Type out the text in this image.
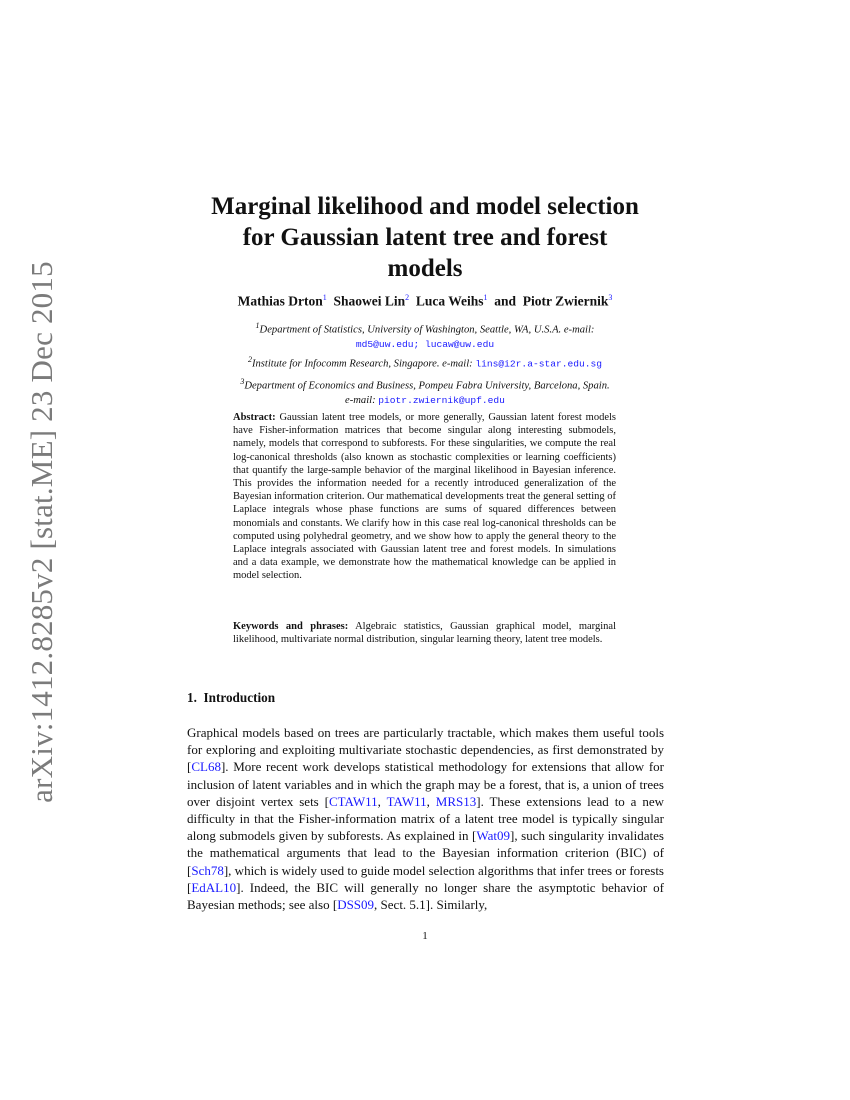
arXiv:1412.8285v2 [stat.ME] 23 Dec 2015
Marginal likelihood and model selection
for Gaussian latent tree and forest
models
Mathias Drton$^1$ Shaowei Lin$^2$ Luca Weihs$^1$ and Piotr Zwiernik$^3$
$^1$Department of Statistics, University of Washington, Seattle, WA, U.S.A. e-mail:
md5@uw.edu; lucaw@uw.edu
$^2$Institute for Infocomm Research, Singapore. e-mail: lins@i2r.a-star.edu.sg
$^3$Department of Economics and Business, Pompeu Fabra University, Barcelona, Spain.
e-mail: piotr.zwiernik@upf.edu
Abstract: Gaussian latent tree models, or more generally, Gaussian latent forest models have Fisher-information matrices that become singular along interesting submodels, namely, models that correspond to subforests. For these singularities, we compute the real log-canonical thresholds (also known as stochastic complexities or learning coefficients) that quantify the large-sample behavior of the marginal likelihood in Bayesian inference. This provides the information needed for a recently introduced generalization of the Bayesian information criterion. Our mathematical developments treat the general setting of Laplace integrals whose phase functions are sums of squared differences between monomials and constants. We clarify how in this case real log-canonical thresholds can be computed using polyhedral geometry, and we show how to apply the general theory to the Laplace integrals associated with Gaussian latent tree and forest models. In simulations and a data example, we demonstrate how the mathematical knowledge can be applied in model selection.
Keywords and phrases: Algebraic statistics, Gaussian graphical model, marginal likelihood, multivariate normal distribution, singular learning theory, latent tree models.
1. Introduction
Graphical models based on trees are particularly tractable, which makes them useful tools for exploring and exploiting multivariate stochastic dependencies, as first demonstrated by [CL68]. More recent work develops statistical methodology for extensions that allow for inclusion of latent variables and in which the graph may be a forest, that is, a union of trees over disjoint vertex sets [CTAW11, TAW11, MRS13]. These extensions lead to a new difficulty in that the Fisher-information matrix of a latent tree model is typically singular along submodels given by subforests. As explained in [Wat09], such singularity invalidates the mathematical arguments that lead to the Bayesian information criterion (BIC) of [Sch78], which is widely used to guide model selection algorithms that infer trees or forests [EdAL10]. Indeed, the BIC will generally no longer share the asymptotic behavior of Bayesian methods; see also [DSS09, Sect. 5.1]. Similarly,
1
